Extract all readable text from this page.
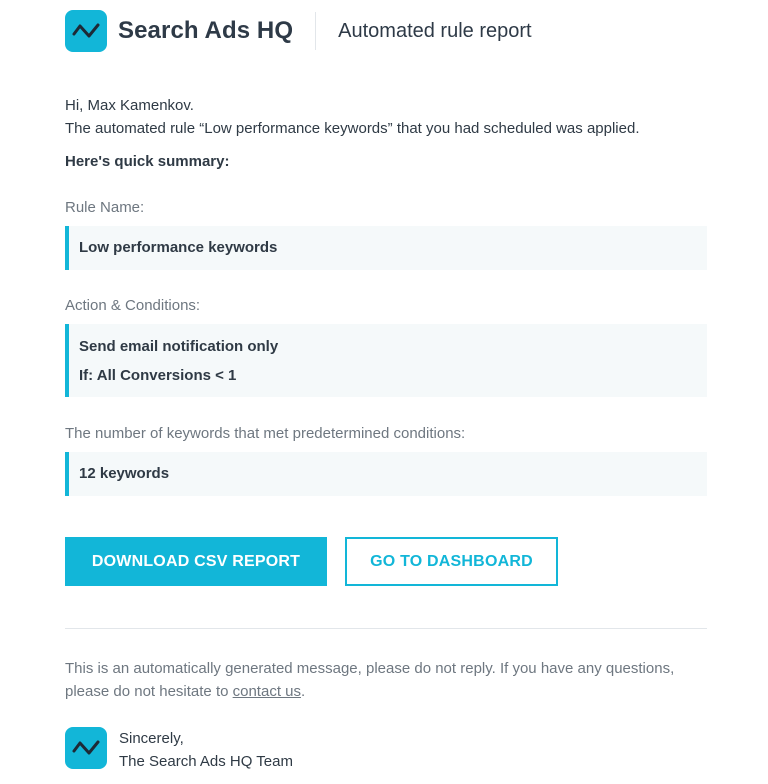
Search Ads HQ Automated rule report
Hi, Max Kamenkov.
The automated rule “Low performance keywords” that you had scheduled was applied.
Here's quick summary:
Rule Name:
Low performance keywords
Action & Conditions:
Send email notification only
If: All Conversions < 1
The number of keywords that met predetermined conditions:
12 keywords
DOWNLOAD CSV REPORT	GO TO DASHBOARD
This is an automatically generated message, please do not reply. If you have any questions, please do not hesitate to contact us.
Sincerely,
The Search Ads HQ Team
